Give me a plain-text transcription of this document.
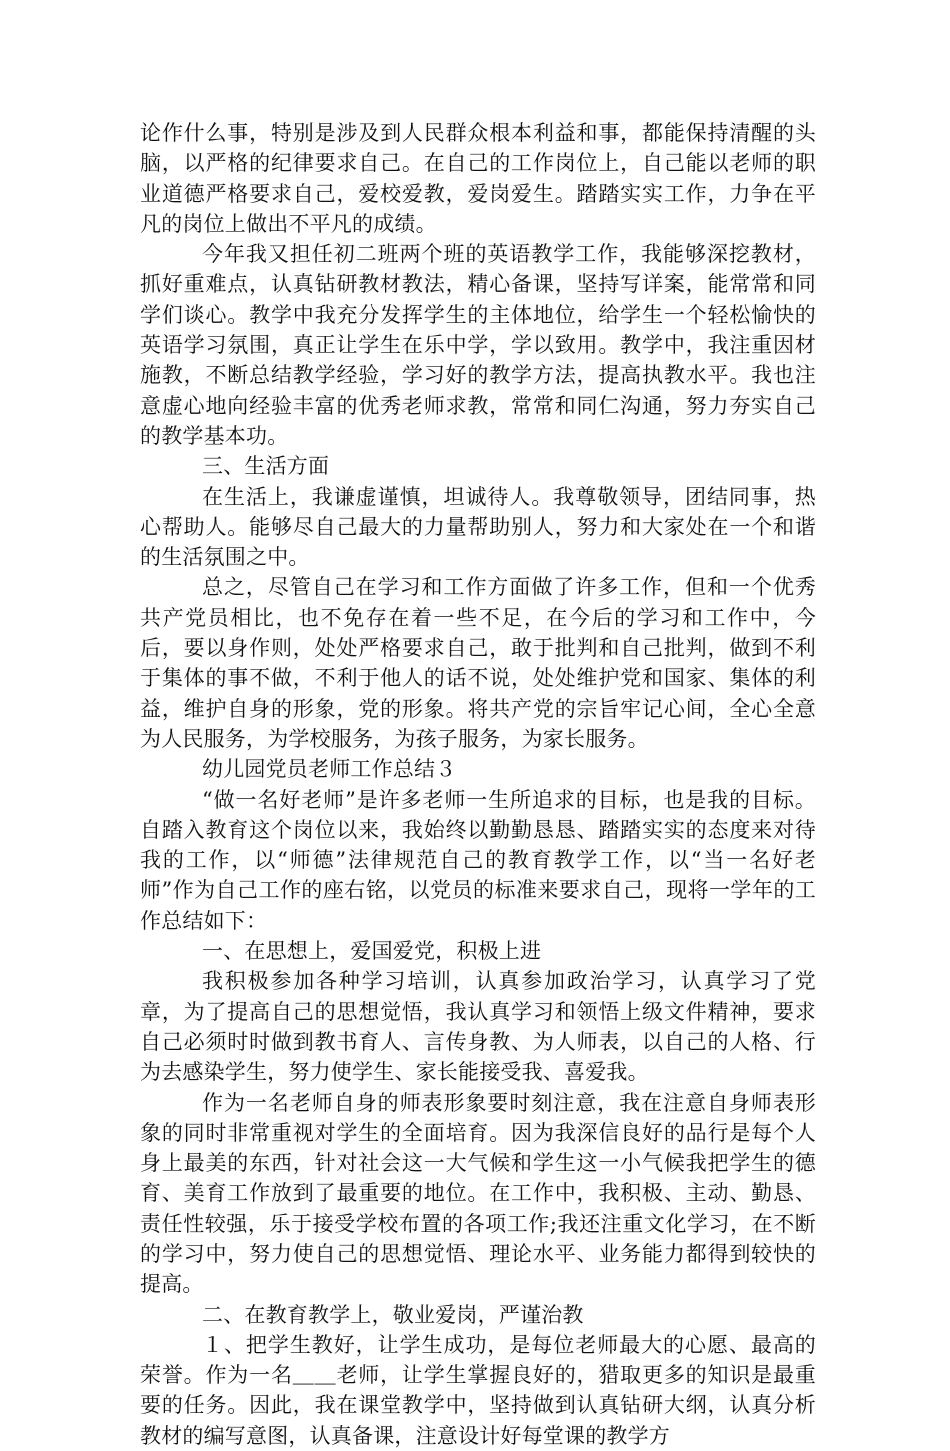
论作什么事，特别是涉及到人民群众根本利益和事，都能保持清醒的头脑，以严格的纪律要求自己。在自己的工作岗位上，自己能以老师的职业道德严格要求自己，爱校爱教，爱岗爱生。踏踏实实工作，力争在平凡的岗位上做出不平凡的成绩。

今年我又担任初二班两个班的英语教学工作，我能够深挖教材，抓好重难点，认真钻研教材教法，精心备课，坚持写详案，能常常和同学们谈心。教学中我充分发挥学生的主体地位，给学生一个轻松愉快的英语学习氛围，真正让学生在乐中学，学以致用。教学中，我注重因材施教，不断总结教学经验，学习好的教学方法，提高执教水平。我也注意虚心地向经验丰富的优秀老师求教，常常和同仁沟通，努力夯实自己的教学基本功。

三、生活方面

在生活上，我谦虚谨慎，坦诚待人。我尊敬领导，团结同事，热心帮助人。能够尽自己最大的力量帮助别人，努力和大家处在一个和谐的生活氛围之中。

总之，尽管自己在学习和工作方面做了许多工作，但和一个优秀共产党员相比，也不免存在着一些不足，在今后的学习和工作中，今后，要以身作则，处处严格要求自己，敢于批判和自己批判，做到不利于集体的事不做，不利于他人的话不说，处处维护党和国家、集体的利益，维护自身的形象，党的形象。将共产党的宗旨牢记心间，全心全意为人民服务，为学校服务，为孩子服务，为家长服务。

幼儿园党员老师工作总结３

“做一名好老师”是许多老师一生所追求的目标，也是我的目标。自踏入教育这个岗位以来，我始终以勤勤恳恳、踏踏实实的态度来对待我的工作，以“师德”法律规范自己的教育教学工作，以“当一名好老师”作为自己工作的座右铭，以党员的标准来要求自己，现将一学年的工作总结如下：

一、在思想上，爱国爱党，积极上进

我积极参加各种学习培训，认真参加政治学习，认真学习了党章，为了提高自己的思想觉悟，我认真学习和领悟上级文件精神，要求自己必须时时做到教书育人、言传身教、为人师表，以自己的人格、行为去感染学生，努力使学生、家长能接受我、喜爱我。

作为一名老师自身的师表形象要时刻注意，我在注意自身师表形象的同时非常重视对学生的全面培育。因为我深信良好的品行是每个人身上最美的东西，针对社会这一大气候和学生这一小气候我把学生的德育、美育工作放到了最重要的地位。在工作中，我积极、主动、勤恳、责任性较强，乐于接受学校布置的各项工作;我还注重文化学习，在不断的学习中，努力使自己的思想觉悟、理论水平、业务能力都得到较快的提高。

二、在教育教学上，敬业爱岗，严谨治教

１、把学生教好，让学生成功，是每位老师最大的心愿、最高的荣誉。作为一名＿＿老师，让学生掌握良好的，猎取更多的知识是最重要的任务。因此，我在课堂教学中，坚持做到认真钻研大纲，认真分析教材的编写意图，认真备课，注意设计好每堂课的教学方
